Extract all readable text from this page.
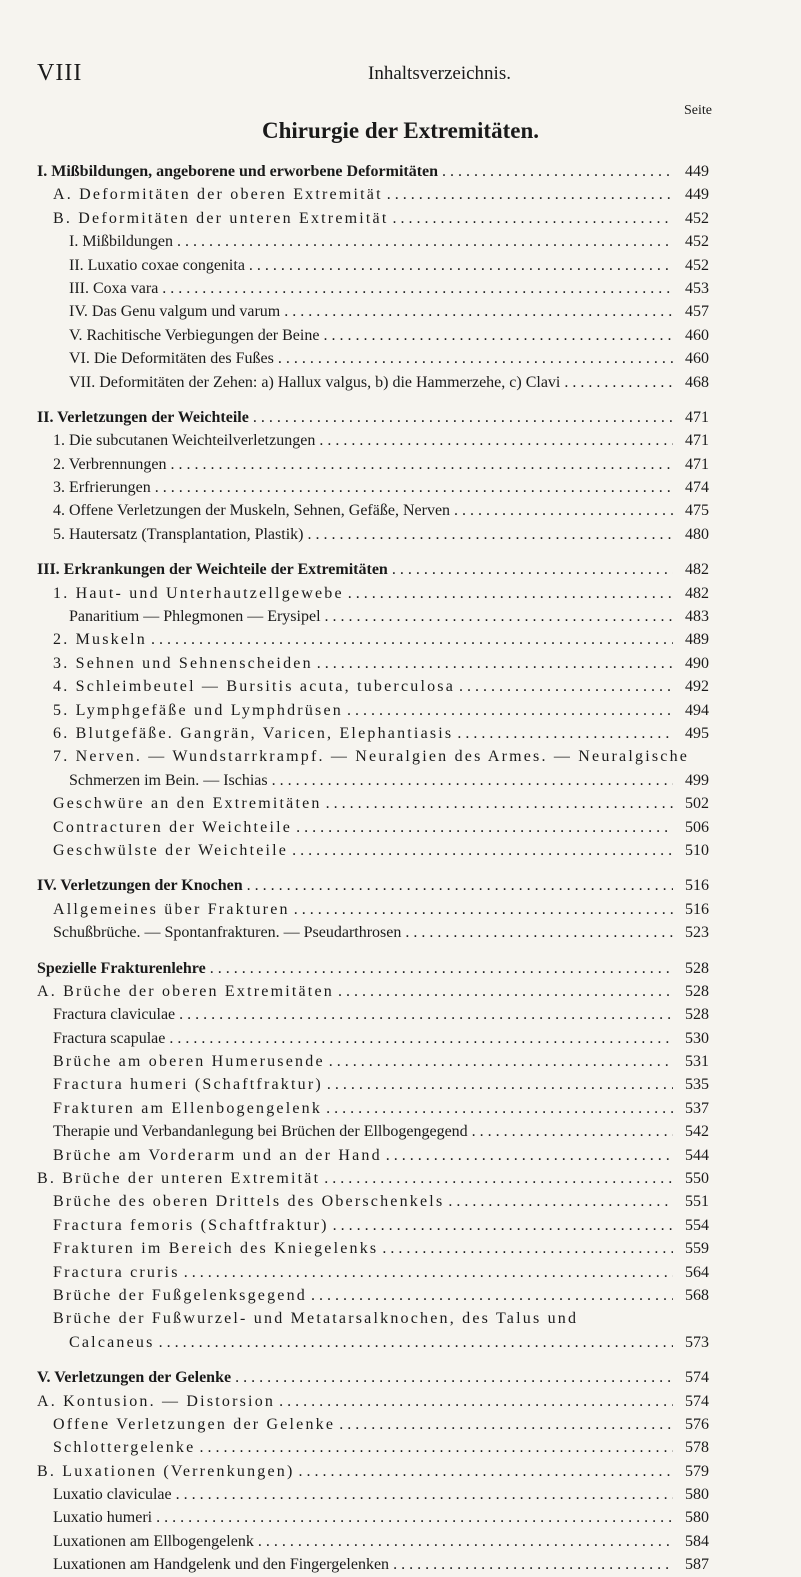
VIII	Inhaltsverzeichnis.
Seite
Chirurgie der Extremitäten.
I. Mißbildungen, angeborene und erworbene Deformitäten . . .	449
A. Deformitäten der oberen Extremität . . .	449
B. Deformitäten der unteren Extremität . . .	452
I. Mißbildungen . . .	452
II. Luxatio coxae congenita . . .	452
III. Coxa vara . . .	453
IV. Das Genu valgum und varum . . .	457
V. Rachitische Verbiegungen der Beine . . .	460
VI. Die Deformitäten des Fußes . . .	460
VII. Deformitäten der Zehen: a) Hallux valgus, b) die Hammerzehe, c) Clavi . . .	468
II. Verletzungen der Weichteile . . .	471
1. Die subcutanen Weichteilverletzungen . . .	471
2. Verbrennungen . . .	471
3. Erfrierungen . . .	474
4. Offene Verletzungen der Muskeln, Sehnen, Gefäße, Nerven . . .	475
5. Hautersatz (Transplantation, Plastik) . . .	480
III. Erkrankungen der Weichteile der Extremitäten . . .	482
1. Haut- und Unterhautzellgewebe . . .	482
Panaritium — Phlegmonen — Erysipel . . .	483
2. Muskeln . . .	489
3. Sehnen und Sehnenscheiden . . .	490
4. Schleimbeutel — Bursitis acuta, tuberculosa . . .	492
5. Lymphgefäße und Lymphdrüsen . . .	494
6. Blutgefäße. Gangrän, Varicen, Elephantiasis . . .	495
7. Nerven. — Wundstarrkrampf. — Neuralgien des Armes. — Neuralgische
Schmerzen im Bein. — Ischias . . .	499
Geschwüre an den Extremitäten . . .	502
Contracturen der Weichteile . . .	506
Geschwülste der Weichteile . . .	510
IV. Verletzungen der Knochen . . .	516
Allgemeines über Frakturen . . .	516
Schußbrüche. — Spontanfrakturen. — Pseudarthrosen . . .	523
Spezielle Frakturenlehre . . .	528
A. Brüche der oberen Extremitäten . . .	528
Fractura claviculae . . .	528
Fractura scapulae . . .	530
Brüche am oberen Humerusende . . .	531
Fractura humeri (Schaftfraktur) . . .	535
Frakturen am Ellenbogengelenk . . .	537
Therapie und Verbandanlegung bei Brüchen der Ellbogengegend . . .	542
Brüche am Vorderarm und an der Hand . . .	544
B. Brüche der unteren Extremität . . .	550
Brüche des oberen Drittels des Oberschenkels . . .	551
Fractura femoris (Schaftfraktur) . . .	554
Frakturen im Bereich des Kniegelenks . . .	559
Fractura cruris . . .	564
Brüche der Fußgelenksgegend . . .	568
Brüche der Fußwurzel- und Metatarsalknochen, des Talus und
Calcaneus . . .	573
V. Verletzungen der Gelenke . . .	574
A. Kontusion. — Distorsion . . .	574
Offene Verletzungen der Gelenke . . .	576
Schlottergelenke . . .	578
B. Luxationen (Verrenkungen) . . .	579
Luxatio claviculae . . .	580
Luxatio humeri . . .	580
Luxationen am Ellbogengelenk . . .	584
Luxationen am Handgelenk und den Fingergelenken . . .	587
